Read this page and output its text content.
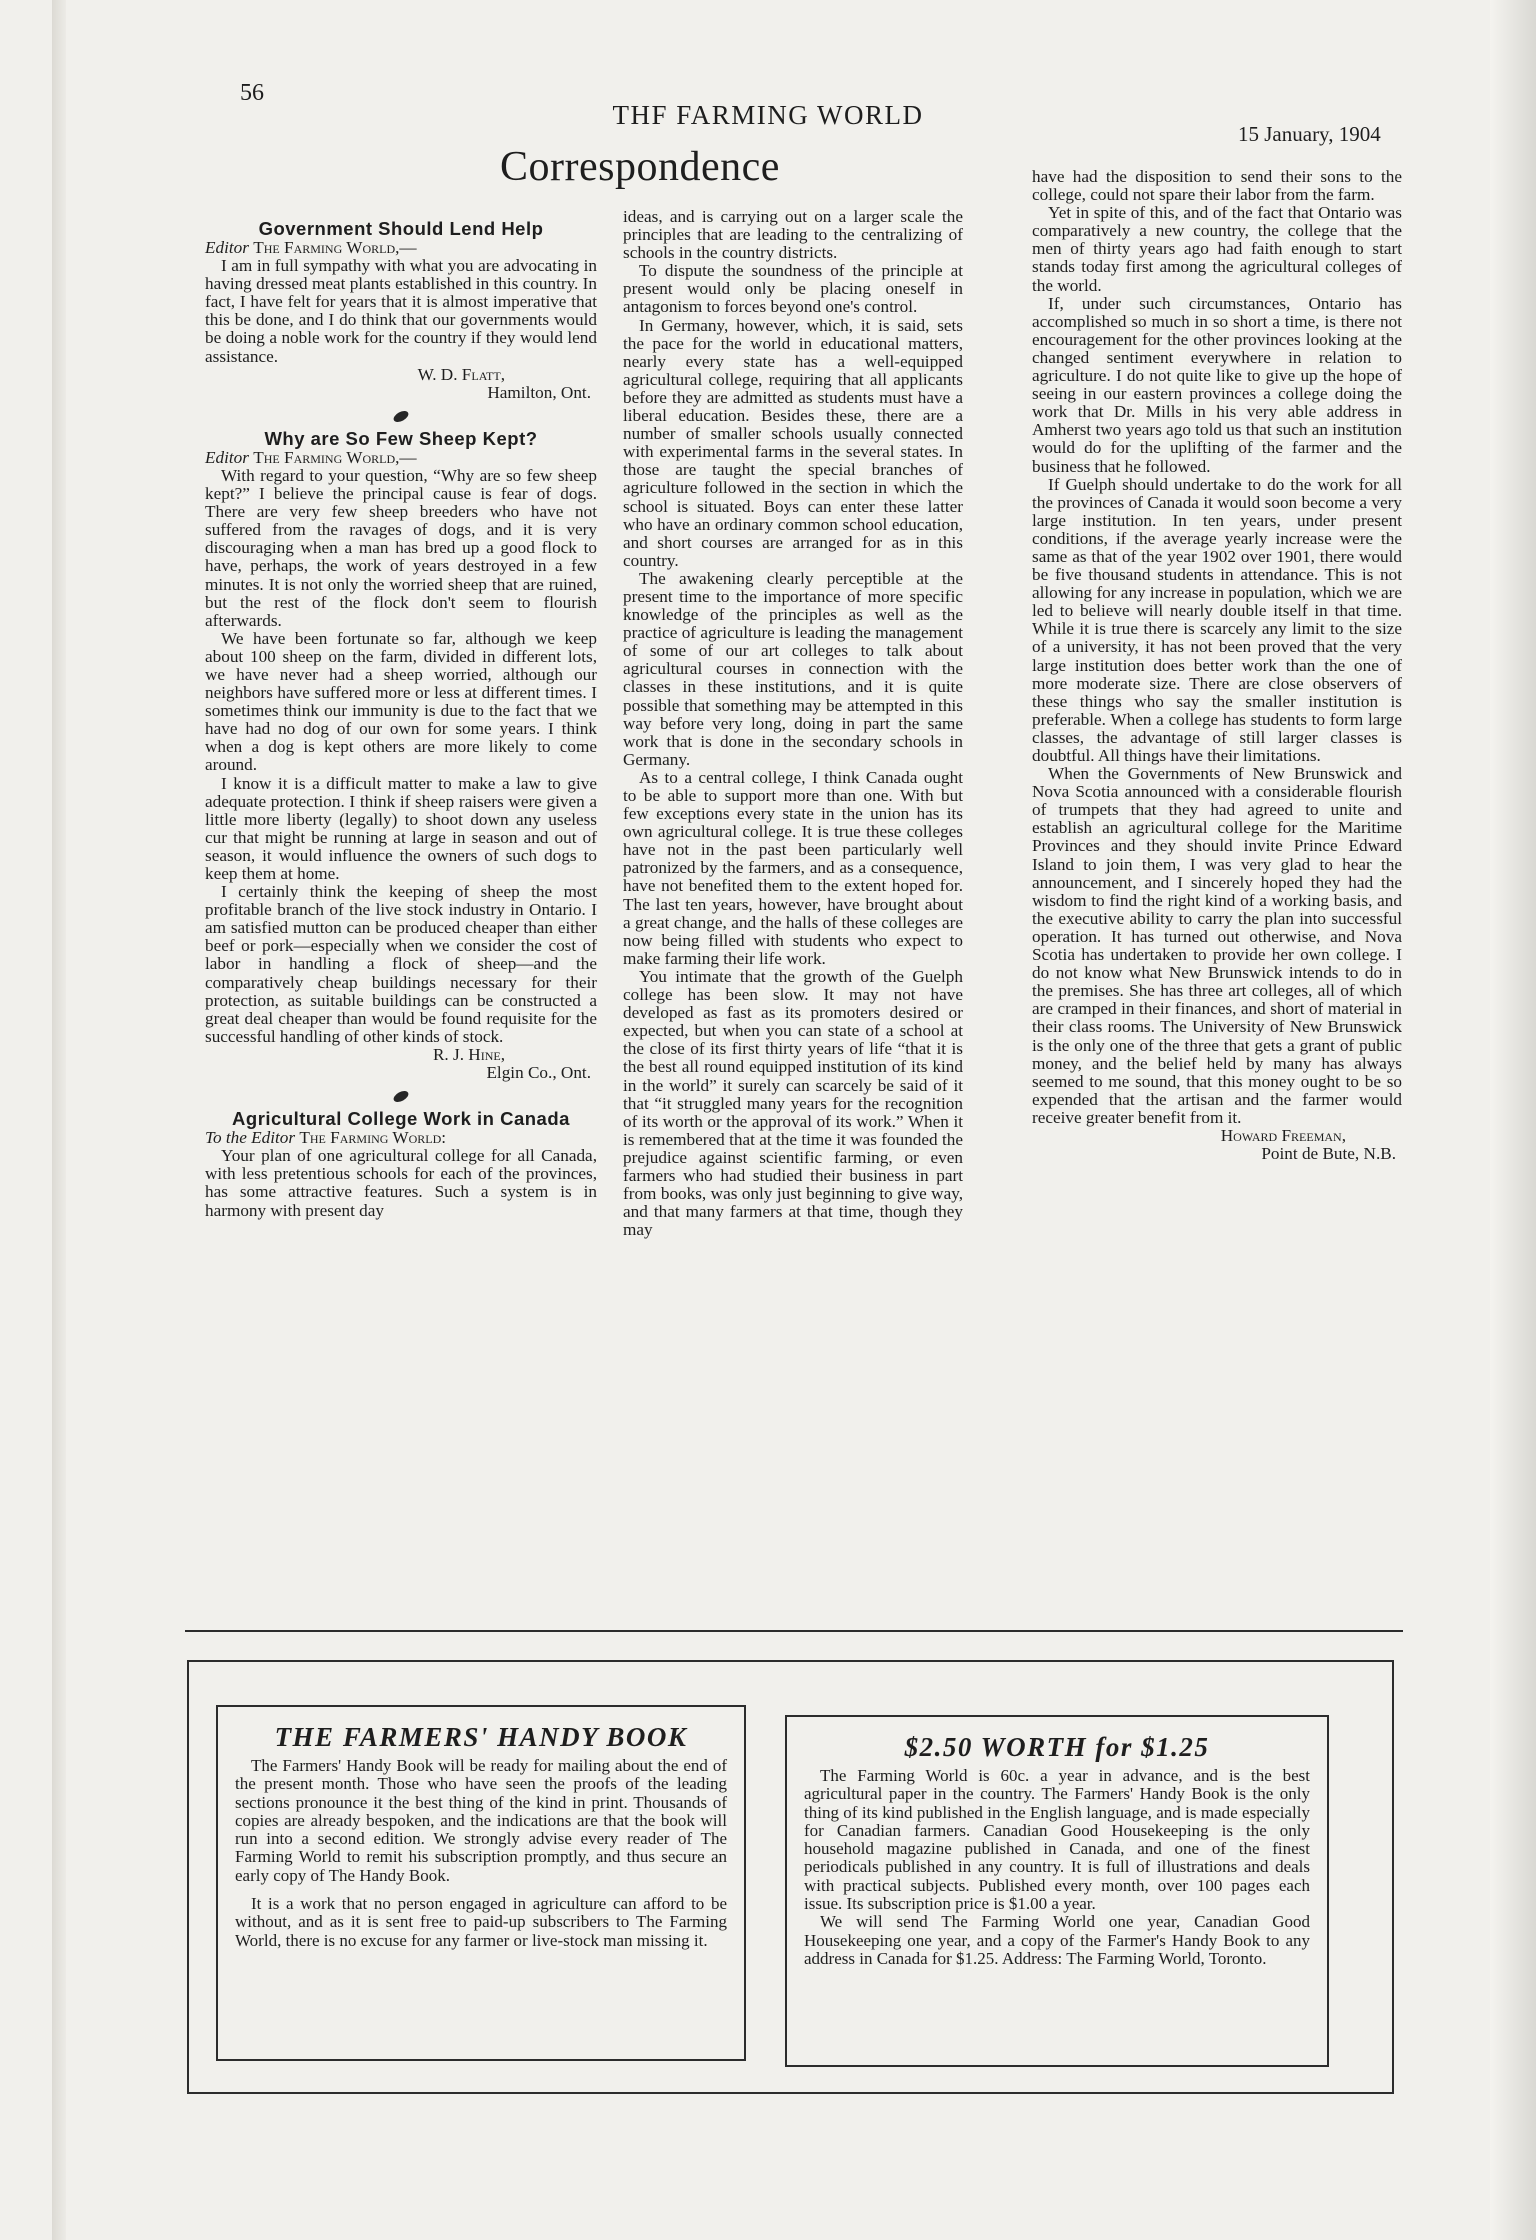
56
THF FARMING WORLD
15 January, 1904
Correspondence
Government Should Lend Help

Editor The Farming World,—

I am in full sympathy with what you are advocating in having dressed meat plants established in this country. In fact, I have felt for years that it is almost imperative that this be done, and I do think that our governments would be doing a noble work for the country if they would lend assistance.

W. D. Flatt,

Hamilton, Ont.

Why are So Few Sheep Kept?

Editor The Farming World,—

With regard to your question, “Why are so few sheep kept?” I believe the principal cause is fear of dogs. There are very few sheep breeders who have not suffered from the ravages of dogs, and it is very discouraging when a man has bred up a good flock to have, perhaps, the work of years destroyed in a few minutes. It is not only the worried sheep that are ruined, but the rest of the flock don't seem to flourish afterwards.

We have been fortunate so far, although we keep about 100 sheep on the farm, divided in different lots, we have never had a sheep worried, although our neighbors have suffered more or less at different times. I sometimes think our immunity is due to the fact that we have had no dog of our own for some years. I think when a dog is kept others are more likely to come around.

I know it is a difficult matter to make a law to give adequate protection. I think if sheep raisers were given a little more liberty (legally) to shoot down any useless cur that might be running at large in season and out of season, it would influence the owners of such dogs to keep them at home.

I certainly think the keeping of sheep the most profitable branch of the live stock industry in Ontario. I am satisfied mutton can be produced cheaper than either beef or pork—especially when we consider the cost of labor in handling a flock of sheep—and the comparatively cheap buildings necessary for their protection, as suitable buildings can be constructed a great deal cheaper than would be found requisite for the successful handling of other kinds of stock.

R. J. Hine,

Elgin Co., Ont.

Agricultural College Work in Canada

To the Editor The Farming World:

Your plan of one agricultural college for all Canada, with less pretentious schools for each of the provinces, has some attractive features. Such a system is in harmony with present day

ideas, and is carrying out on a larger scale the principles that are leading to the centralizing of schools in the country districts.

To dispute the soundness of the principle at present would only be placing oneself in antagonism to forces beyond one's control.

In Germany, however, which, it is said, sets the pace for the world in educational matters, nearly every state has a well-equipped agricultural college, requiring that all applicants before they are admitted as students must have a liberal education. Besides these, there are a number of smaller schools usually connected with experimental farms in the several states. In those are taught the special branches of agriculture followed in the section in which the school is situated. Boys can enter these latter who have an ordinary common school education, and short courses are arranged for as in this country.

The awakening clearly perceptible at the present time to the importance of more specific knowledge of the principles as well as the practice of agriculture is leading the management of some of our art colleges to talk about agricultural courses in connection with the classes in these institutions, and it is quite possible that something may be attempted in this way before very long, doing in part the same work that is done in the secondary schools in Germany.

As to a central college, I think Canada ought to be able to support more than one. With but few exceptions every state in the union has its own agricultural college. It is true these colleges have not in the past been particularly well patronized by the farmers, and as a consequence, have not benefited them to the extent hoped for. The last ten years, however, have brought about a great change, and the halls of these colleges are now being filled with students who expect to make farming their life work.

You intimate that the growth of the Guelph college has been slow. It may not have developed as fast as its promoters desired or expected, but when you can state of a school at the close of its first thirty years of life “that it is the best all round equipped institution of its kind in the world” it surely can scarcely be said of it that “it struggled many years for the recognition of its worth or the approval of its work.” When it is remembered that at the time it was founded the prejudice against scientific farming, or even farmers who had studied their business in part from books, was only just beginning to give way, and that many farmers at that time, though they may

have had the disposition to send their sons to the college, could not spare their labor from the farm.

Yet in spite of this, and of the fact that Ontario was comparatively a new country, the college that the men of thirty years ago had faith enough to start stands today first among the agricultural colleges of the world.

If, under such circumstances, Ontario has accomplished so much in so short a time, is there not encouragement for the other provinces looking at the changed sentiment everywhere in relation to agriculture. I do not quite like to give up the hope of seeing in our eastern provinces a college doing the work that Dr. Mills in his very able address in Amherst two years ago told us that such an institution would do for the uplifting of the farmer and the business that he followed.

If Guelph should undertake to do the work for all the provinces of Canada it would soon become a very large institution. In ten years, under present conditions, if the average yearly increase were the same as that of the year 1902 over 1901, there would be five thousand students in attendance. This is not allowing for any increase in population, which we are led to believe will nearly double itself in that time. While it is true there is scarcely any limit to the size of a university, it has not been proved that the very large institution does better work than the one of more moderate size. There are close observers of these things who say the smaller institution is preferable. When a college has students to form large classes, the advantage of still larger classes is doubtful. All things have their limitations.

When the Governments of New Brunswick and Nova Scotia announced with a considerable flourish of trumpets that they had agreed to unite and establish an agricultural college for the Maritime Provinces and they should invite Prince Edward Island to join them, I was very glad to hear the announcement, and I sincerely hoped they had the wisdom to find the right kind of a working basis, and the executive ability to carry the plan into successful operation. It has turned out otherwise, and Nova Scotia has undertaken to provide her own college. I do not know what New Brunswick intends to do in the premises. She has three art colleges, all of which are cramped in their finances, and short of material in their class rooms. The University of New Brunswick is the only one of the three that gets a grant of public money, and the belief held by many has always seemed to me sound, that this money ought to be so expended that the artisan and the farmer would receive greater benefit from it.

Howard Freeman,

Point de Bute, N.B.

THE FARMERS' HANDY BOOK

The Farmers' Handy Book will be ready for mailing about the end of the present month. Those who have seen the proofs of the leading sections pronounce it the best thing of the kind in print. Thousands of copies are already bespoken, and the indications are that the book will run into a second edition. We strongly advise every reader of The Farming World to remit his subscription promptly, and thus secure an early copy of The Handy Book.

It is a work that no person engaged in agriculture can afford to be without, and as it is sent free to paid-up subscribers to The Farming World, there is no excuse for any farmer or live-stock man missing it.

$2.50 WORTH for $1.25

The Farming World is 60c. a year in advance, and is the best agricultural paper in the country. The Farmers' Handy Book is the only thing of its kind published in the English language, and is made especially for Canadian farmers. Canadian Good Housekeeping is the only household magazine published in Canada, and one of the finest periodicals published in any country. It is full of illustrations and deals with practical subjects. Published every month, over 100 pages each issue. Its subscription price is $1.00 a year.

We will send The Farming World one year, Canadian Good Housekeeping one year, and a copy of the Farmer's Handy Book to any address in Canada for $1.25. Address: The Farming World, Toronto.
